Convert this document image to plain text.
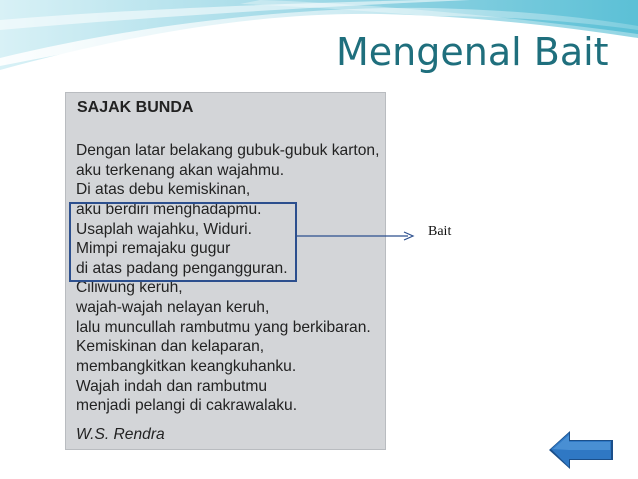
Mengenal Bait
SAJAK BUNDA
Dengan latar belakang gubuk-gubuk karton,
aku terkenang akan wajahmu.
Di atas debu kemiskinan,
aku berdiri menghadapmu.
Usaplah wajahku, Widuri.
Mimpi remajaku gugur
di atas padang pengangguran.
Ciliwung keruh,
wajah-wajah nelayan keruh,
lalu muncullah rambutmu yang berkibaran.
Kemiskinan dan kelaparan,
membangkitkan keangkuhanku.
Wajah indah dan rambutmu
menjadi pelangi di cakrawalaku.
W.S. Rendra
Bait
